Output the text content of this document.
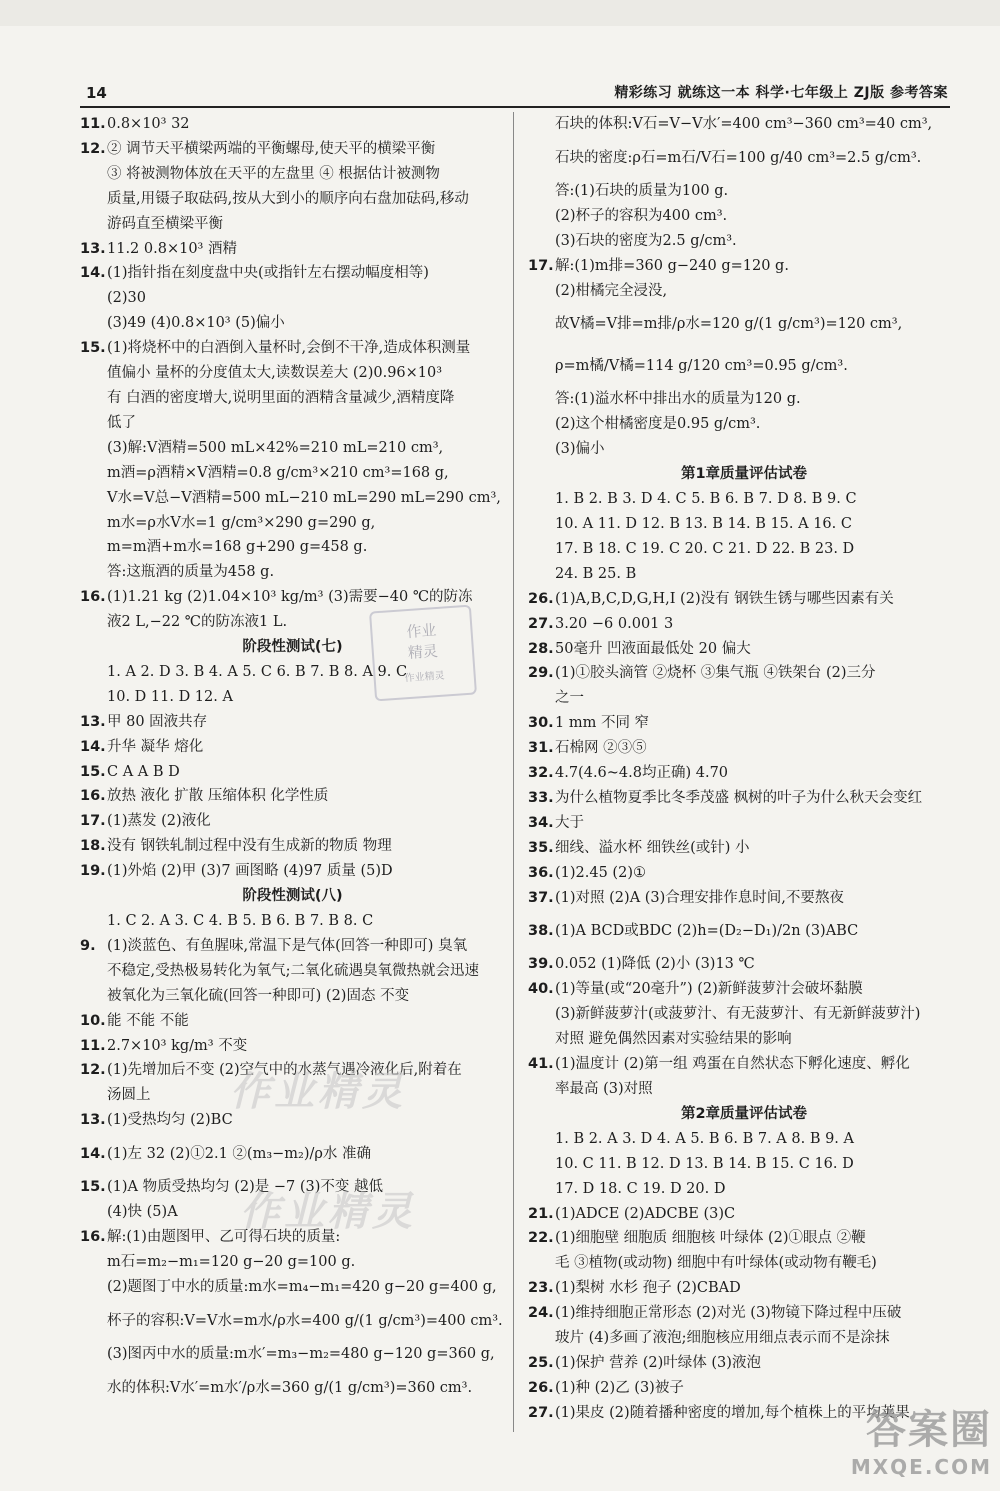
14	精彩练习 就练这一本 科学·七年级上 ZJ版 参考答案
11.0.8×10³ 32
12.② 调节天平横梁两端的平衡螺母,使天平的横梁平衡
③ 将被测物体放在天平的左盘里 ④ 根据估计被测物
质量,用镊子取砝码,按从大到小的顺序向右盘加砝码,移动
游码直至横梁平衡
13.11.2 0.8×10³ 酒精
14.(1)指针指在刻度盘中央(或指针左右摆动幅度相等)
(2)30
(3)49 (4)0.8×10³ (5)偏小
15.(1)将烧杯中的白酒倒入量杯时,会倒不干净,造成体积测量
值偏小 量杯的分度值太大,读数误差大 (2)0.96×10³
有 白酒的密度增大,说明里面的酒精含量减少,酒精度降
低了
(3)解:V酒精=500 mL×42%=210 mL=210 cm³,
m酒=ρ酒精×V酒精=0.8 g/cm³×210 cm³=168 g,
V水=V总−V酒精=500 mL−210 mL=290 mL=290 cm³,
m水=ρ水V水=1 g/cm³×290 g=290 g,
m=m酒+m水=168 g+290 g=458 g.
答:这瓶酒的质量为458 g.
16.(1)1.21 kg (2)1.04×10³ kg/m³ (3)需要−40 ℃的防冻
液2 L,−22 ℃的防冻液1 L.
阶段性测试(七)
1. A 2. D 3. B 4. A 5. C 6. B 7. B 8. A 9. C
10. D 11. D 12. A
13.甲 80 固液共存
14.升华 凝华 熔化
15.C A A B D
16.放热 液化 扩散 压缩体积 化学性质
17.(1)蒸发 (2)液化
18.没有 钢铁轧制过程中没有生成新的物质 物理
19.(1)外焰 (2)甲 (3)7 画图略 (4)97 质量 (5)D
阶段性测试(八)
1. C 2. A 3. C 4. B 5. B 6. B 7. B 8. C
9. (1)淡蓝色、有鱼腥味,常温下是气体(回答一种即可) 臭氧
不稳定,受热极易转化为氧气;二氧化硫遇臭氧微热就会迅速
被氧化为三氧化硫(回答一种即可) (2)固态 不变
10.能 不能 不能
11.2.7×10³ kg/m³ 不变
12.(1)先增加后不变 (2)空气中的水蒸气遇冷液化后,附着在
汤圆上
13.(1)受热均匀 (2)BC
14.(1)左 32 (2)①2.1 ②(m₃−m₂)/ρ水 准确
15.(1)A 物质受热均匀 (2)是 −7 (3)不变 越低
(4)快 (5)A
16.解:(1)由题图甲、乙可得石块的质量:
m石=m₂−m₁=120 g−20 g=100 g.
(2)题图丁中水的质量:m水=m₄−m₁=420 g−20 g=400 g,
杯子的容积:V=V水=m水/ρ水=400 g/(1 g/cm³)=400 cm³.
(3)图丙中水的质量:m水′=m₃−m₂=480 g−120 g=360 g,
水的体积:V水′=m水′/ρ水=360 g/(1 g/cm³)=360 cm³.
石块的体积:V石=V−V水′=400 cm³−360 cm³=40 cm³,
石块的密度:ρ石=m石/V石=100 g/40 cm³=2.5 g/cm³.
答:(1)石块的质量为100 g.
(2)杯子的容积为400 cm³.
(3)石块的密度为2.5 g/cm³.
17.解:(1)m排=360 g−240 g=120 g.
(2)柑橘完全浸没,
故V橘=V排=m排/ρ水=120 g/(1 g/cm³)=120 cm³,
ρ=m橘/V橘=114 g/120 cm³=0.95 g/cm³.
答:(1)溢水杯中排出水的质量为120 g.
(2)这个柑橘密度是0.95 g/cm³.
(3)偏小
第1章质量评估试卷
1. B 2. B 3. D 4. C 5. B 6. B 7. D 8. B 9. C
10. A 11. D 12. B 13. B 14. B 15. A 16. C
17. B 18. C 19. C 20. C 21. D 22. B 23. D
24. B 25. B
26.(1)A,B,C,D,G,H,I (2)没有 钢铁生锈与哪些因素有关
27.3.20 −6 0.001 3
28.50毫升 凹液面最低处 20 偏大
29.(1)①胶头滴管 ②烧杯 ③集气瓶 ④铁架台 (2)三分
之一
30.1 mm 不同 窄
31.石棉网 ②③⑤
32.4.7(4.6~4.8均正确) 4.70
33.为什么植物夏季比冬季茂盛 枫树的叶子为什么秋天会变红
34.大于
35.细线、溢水杯 细铁丝(或针) 小
36.(1)2.45 (2)①
37.(1)对照 (2)A (3)合理安排作息时间,不要熬夜
38.(1)A BCD或BDC (2)h=(D₂−D₁)/2n (3)ABC
39.0.052 (1)降低 (2)小 (3)13 ℃
40.(1)等量(或“20毫升”) (2)新鲜菠萝汁会破坏黏膜
(3)新鲜菠萝汁(或菠萝汁、有无菠萝汁、有无新鲜菠萝汁)
对照 避免偶然因素对实验结果的影响
41.(1)温度计 (2)第一组 鸡蛋在自然状态下孵化速度、孵化
率最高 (3)对照
第2章质量评估试卷
1. B 2. A 3. D 4. A 5. B 6. B 7. A 8. B 9. A
10. C 11. B 12. D 13. B 14. B 15. C 16. D
17. D 18. C 19. D 20. D
21.(1)ADCE (2)ADCBE (3)C
22.(1)细胞壁 细胞质 细胞核 叶绿体 (2)①眼点 ②鞭
毛 ③植物(或动物) 细胞中有叶绿体(或动物有鞭毛)
23.(1)梨树 水杉 孢子 (2)CBAD
24.(1)维持细胞正常形态 (2)对光 (3)物镜下降过程中压破
玻片 (4)多画了液泡;细胞核应用细点表示而不是涂抹
25.(1)保护 营养 (2)叶绿体 (3)液泡
26.(1)种 (2)乙 (3)被子
27.(1)果皮 (2)随着播种密度的增加,每个植株上的平均荚果
作业
精灵
作业精灵
作业精灵
作业精灵
答案圈
MXQE.COM
